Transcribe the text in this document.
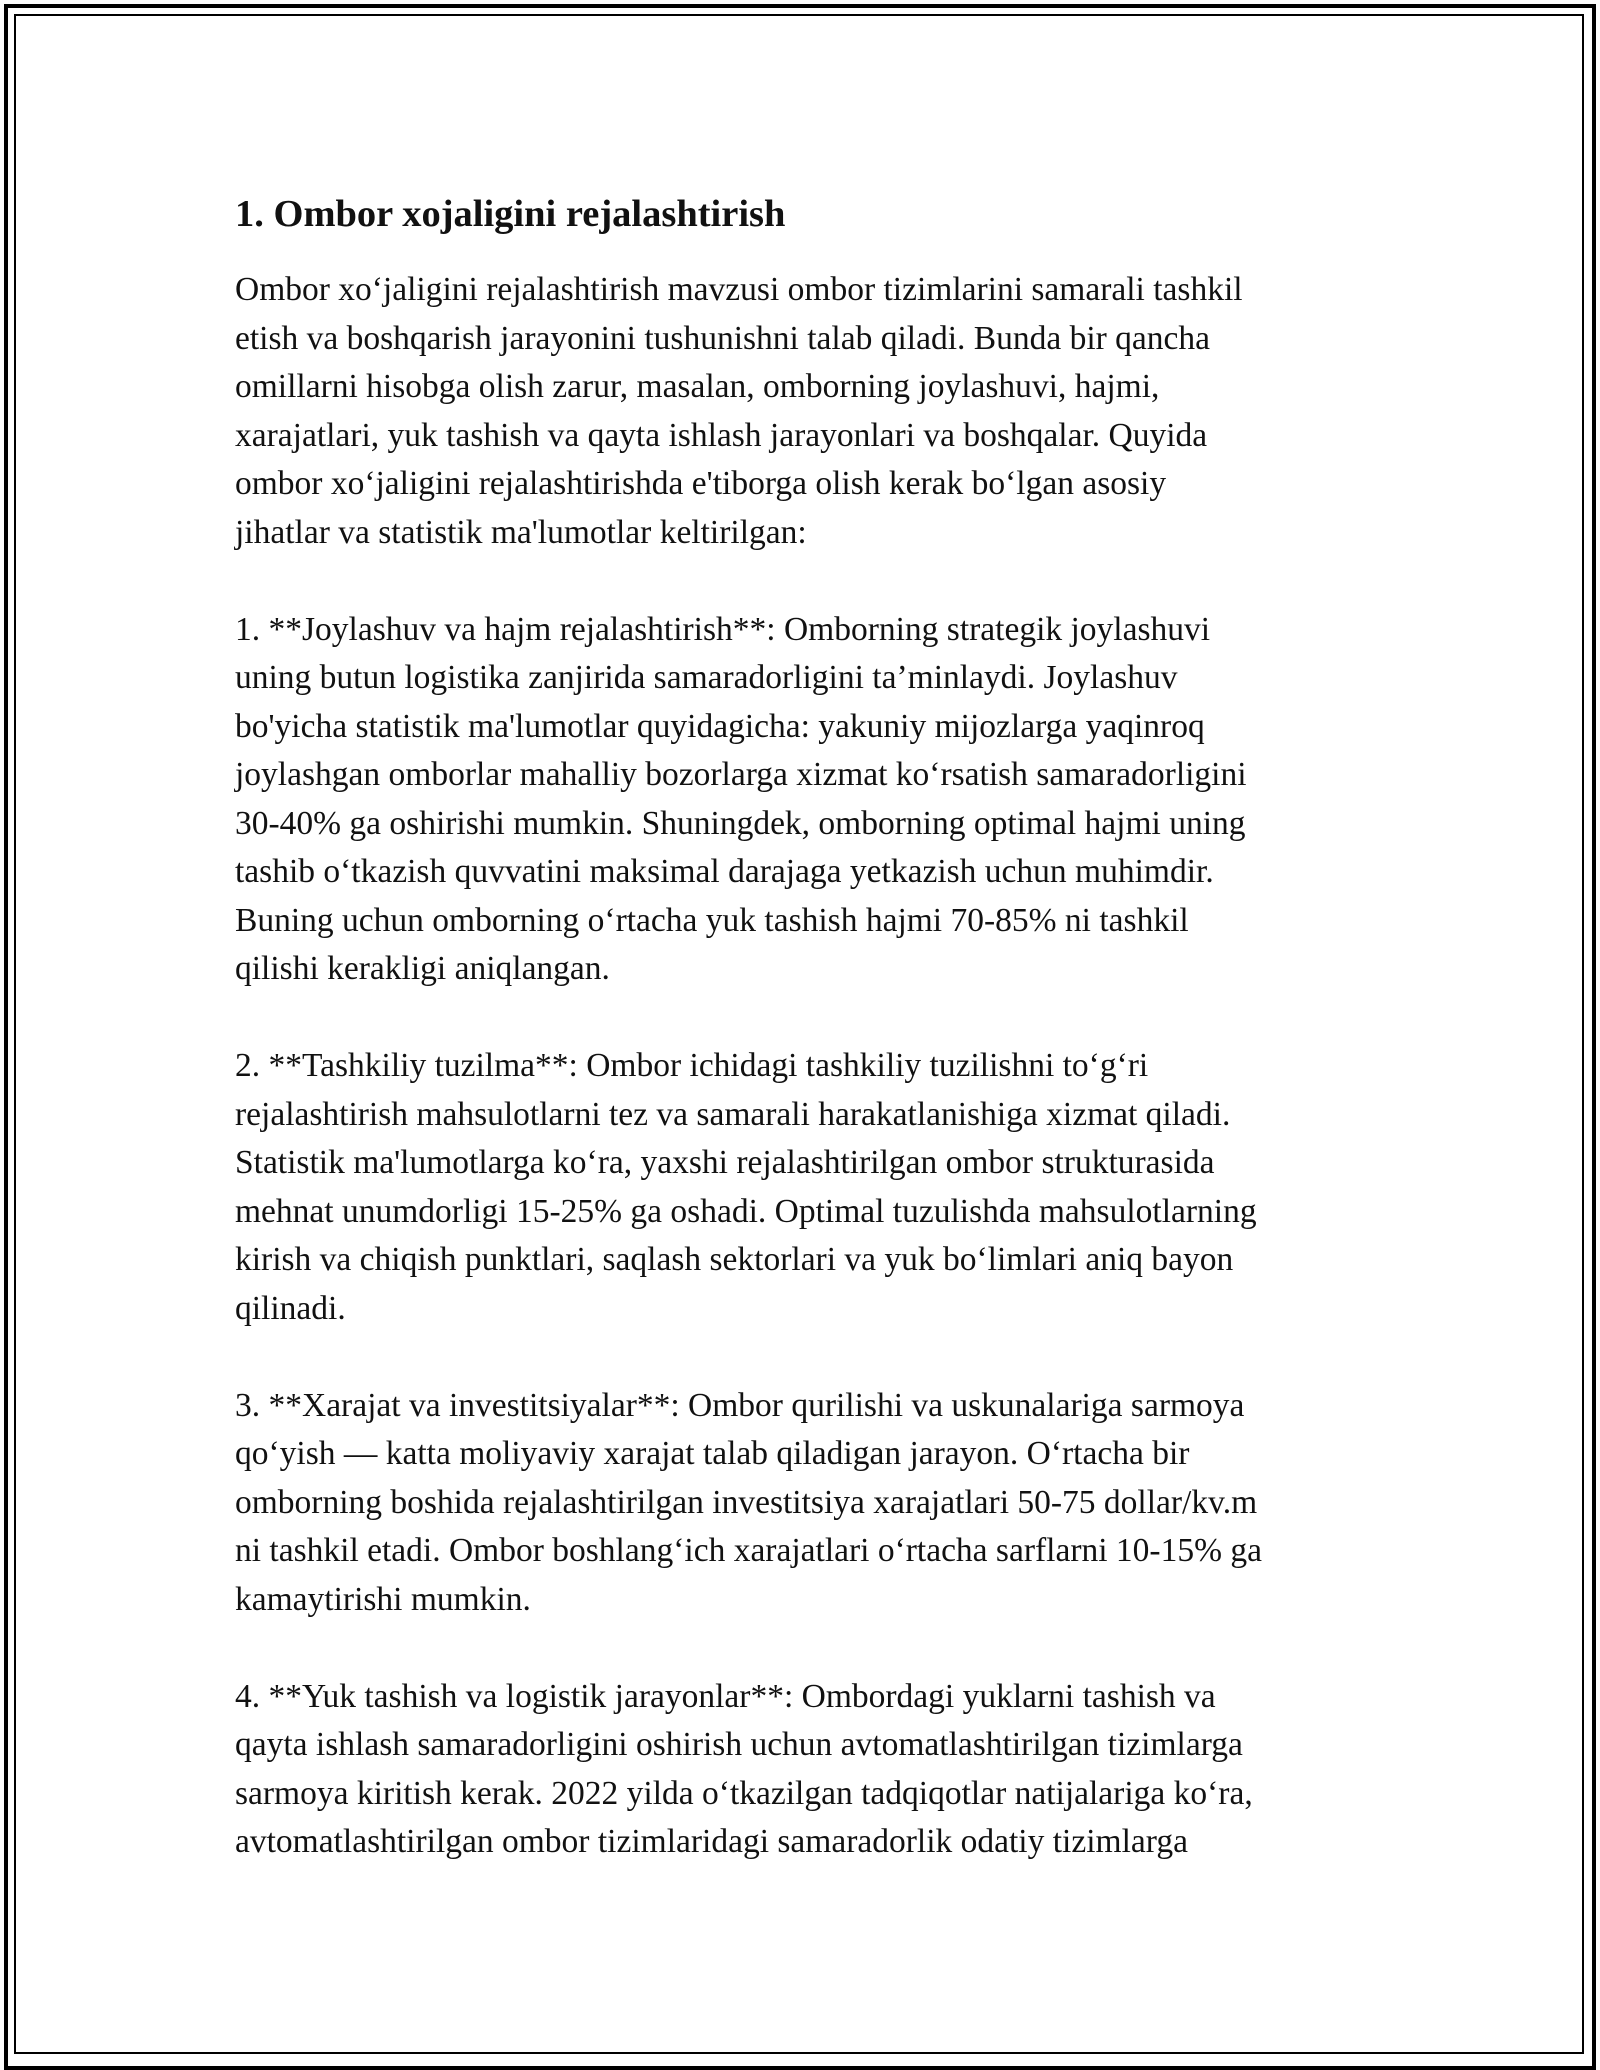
1. Ombor xojaligini rejalashtirish

Ombor xo‘jaligini rejalashtirish mavzusi ombor tizimlarini samarali tashkil
etish va boshqarish jarayonini tushunishni talab qiladi. Bunda bir qancha
omillarni hisobga olish zarur, masalan, omborning joylashuvi, hajmi,
xarajatlari, yuk tashish va qayta ishlash jarayonlari va boshqalar. Quyida
ombor xo‘jaligini rejalashtirishda e'tiborga olish kerak bo‘lgan asosiy
jihatlar va statistik ma'lumotlar keltirilgan:

1. **Joylashuv va hajm rejalashtirish**: Omborning strategik joylashuvi
uning butun logistika zanjirida samaradorligini ta’minlaydi. Joylashuv
bo'yicha statistik ma'lumotlar quyidagicha: yakuniy mijozlarga yaqinroq
joylashgan omborlar mahalliy bozorlarga xizmat ko‘rsatish samaradorligini
30-40% ga oshirishi mumkin. Shuningdek, omborning optimal hajmi uning
tashib o‘tkazish quvvatini maksimal darajaga yetkazish uchun muhimdir.
Buning uchun omborning o‘rtacha yuk tashish hajmi 70-85% ni tashkil
qilishi kerakligi aniqlangan.

2. **Tashkiliy tuzilma**: Ombor ichidagi tashkiliy tuzilishni to‘g‘ri
rejalashtirish mahsulotlarni tez va samarali harakatlanishiga xizmat qiladi.
Statistik ma'lumotlarga ko‘ra, yaxshi rejalashtirilgan ombor strukturasida
mehnat unumdorligi 15-25% ga oshadi. Optimal tuzulishda mahsulotlarning
kirish va chiqish punktlari, saqlash sektorlari va yuk bo‘limlari aniq bayon
qilinadi.

3. **Xarajat va investitsiyalar**: Ombor qurilishi va uskunalariga sarmoya
qo‘yish — katta moliyaviy xarajat talab qiladigan jarayon. O‘rtacha bir
omborning boshida rejalashtirilgan investitsiya xarajatlari 50-75 dollar/kv.m
ni tashkil etadi. Ombor boshlang‘ich xarajatlari o‘rtacha sarflarni 10-15% ga
kamaytirishi mumkin.

4. **Yuk tashish va logistik jarayonlar**: Ombordagi yuklarni tashish va
qayta ishlash samaradorligini oshirish uchun avtomatlashtirilgan tizimlarga
sarmoya kiritish kerak. 2022 yilda o‘tkazilgan tadqiqotlar natijalariga ko‘ra,
avtomatlashtirilgan ombor tizimlaridagi samaradorlik odatiy tizimlarga
